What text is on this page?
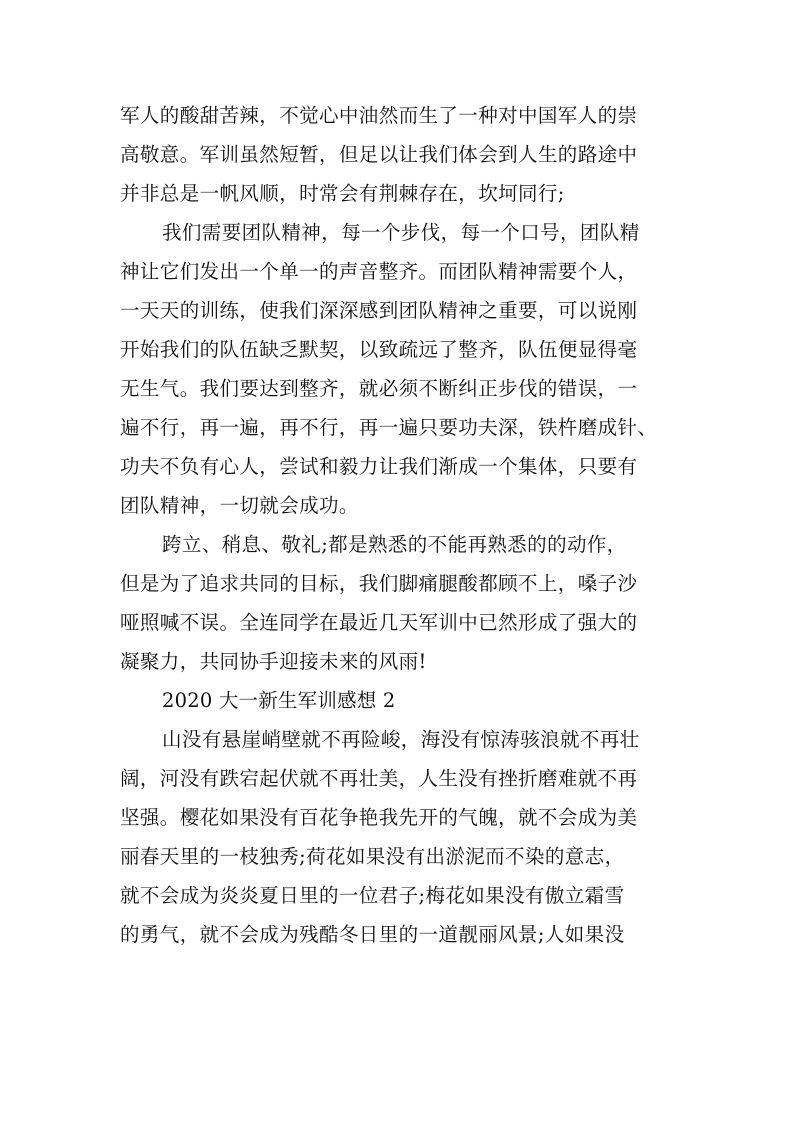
军人的酸甜苦辣，不觉心中油然而生了一种对中国军人的崇
高敬意。军训虽然短暂，但足以让我们体会到人生的路途中
并非总是一帆风顺，时常会有荆棘存在，坎坷同行;
我们需要团队精神，每一个步伐，每一个口号，团队精
神让它们发出一个单一的声音整齐。而团队精神需要个人，
一天天的训练，使我们深深感到团队精神之重要，可以说刚
开始我们的队伍缺乏默契，以致疏远了整齐，队伍便显得毫
无生气。我们要达到整齐，就必须不断纠正步伐的错误，一
遍不行，再一遍，再不行，再一遍只要功夫深，铁杵磨成针、
功夫不负有心人，尝试和毅力让我们渐成一个集体，只要有
团队精神，一切就会成功。
跨立、稍息、敬礼;都是熟悉的不能再熟悉的的动作，
但是为了追求共同的目标，我们脚痛腿酸都顾不上，嗓子沙
哑照喊不误。全连同学在最近几天军训中已然形成了强大的
凝聚力，共同协手迎接未来的风雨!
2020 大一新生军训感想 2
山没有悬崖峭壁就不再险峻，海没有惊涛骇浪就不再壮
阔，河没有跌宕起伏就不再壮美，人生没有挫折磨难就不再
坚强。樱花如果没有百花争艳我先开的气魄，就不会成为美
丽春天里的一枝独秀;荷花如果没有出淤泥而不染的意志，
就不会成为炎炎夏日里的一位君子;梅花如果没有傲立霜雪
的勇气，就不会成为残酷冬日里的一道靓丽风景;人如果没
